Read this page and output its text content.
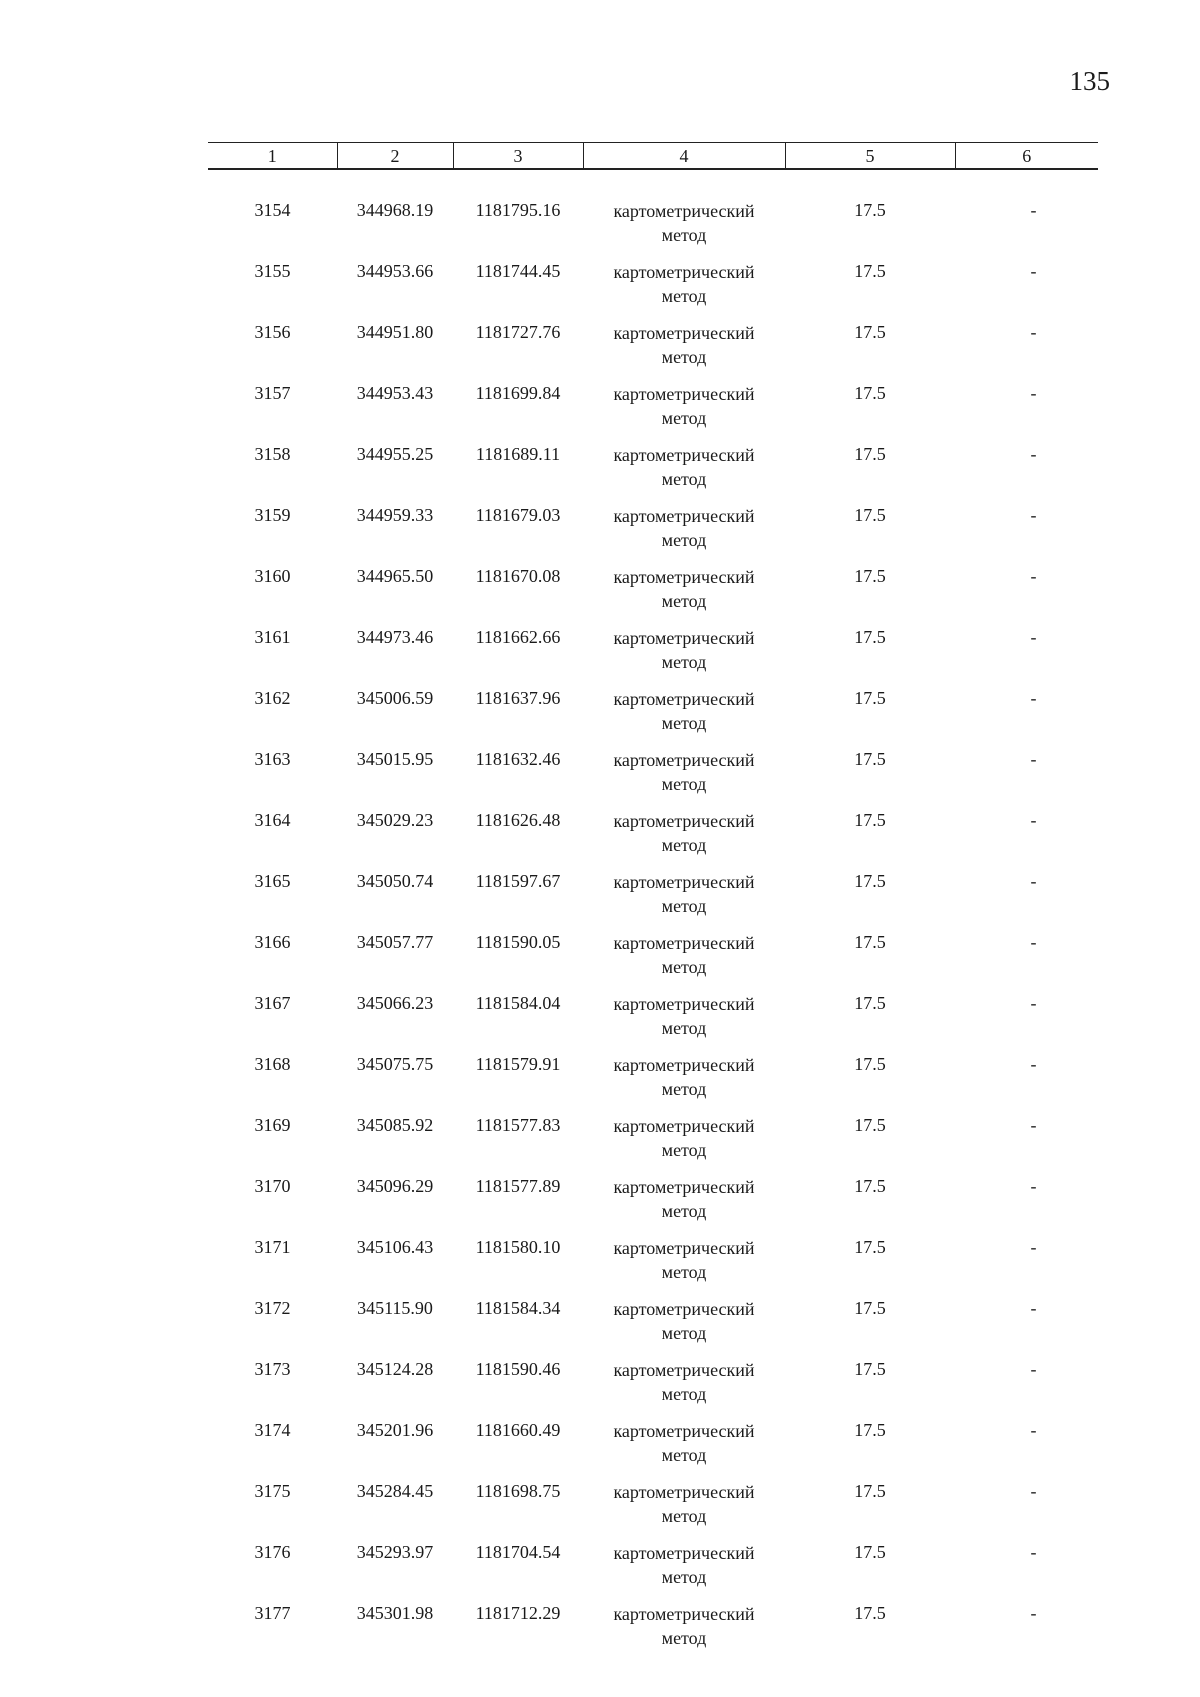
135
1	2	3	4	5	6

3154	344968.19	1181795.16	картометрический
метод	17.5	-

3155	344953.66	1181744.45	картометрический
метод	17.5	-

3156	344951.80	1181727.76	картометрический
метод	17.5	-

3157	344953.43	1181699.84	картометрический
метод	17.5	-

3158	344955.25	1181689.11	картометрический
метод	17.5	-

3159	344959.33	1181679.03	картометрический
метод	17.5	-

3160	344965.50	1181670.08	картометрический
метод	17.5	-

3161	344973.46	1181662.66	картометрический
метод	17.5	-

3162	345006.59	1181637.96	картометрический
метод	17.5	-

3163	345015.95	1181632.46	картометрический
метод	17.5	-

3164	345029.23	1181626.48	картометрический
метод	17.5	-

3165	345050.74	1181597.67	картометрический
метод	17.5	-

3166	345057.77	1181590.05	картометрический
метод	17.5	-

3167	345066.23	1181584.04	картометрический
метод	17.5	-

3168	345075.75	1181579.91	картометрический
метод	17.5	-

3169	345085.92	1181577.83	картометрический
метод	17.5	-

3170	345096.29	1181577.89	картометрический
метод	17.5	-

3171	345106.43	1181580.10	картометрический
метод	17.5	-

3172	345115.90	1181584.34	картометрический
метод	17.5	-

3173	345124.28	1181590.46	картометрический
метод	17.5	-

3174	345201.96	1181660.49	картометрический
метод	17.5	-

3175	345284.45	1181698.75	картометрический
метод	17.5	-

3176	345293.97	1181704.54	картометрический
метод	17.5	-

3177	345301.98	1181712.29	картометрический
метод	17.5	-
